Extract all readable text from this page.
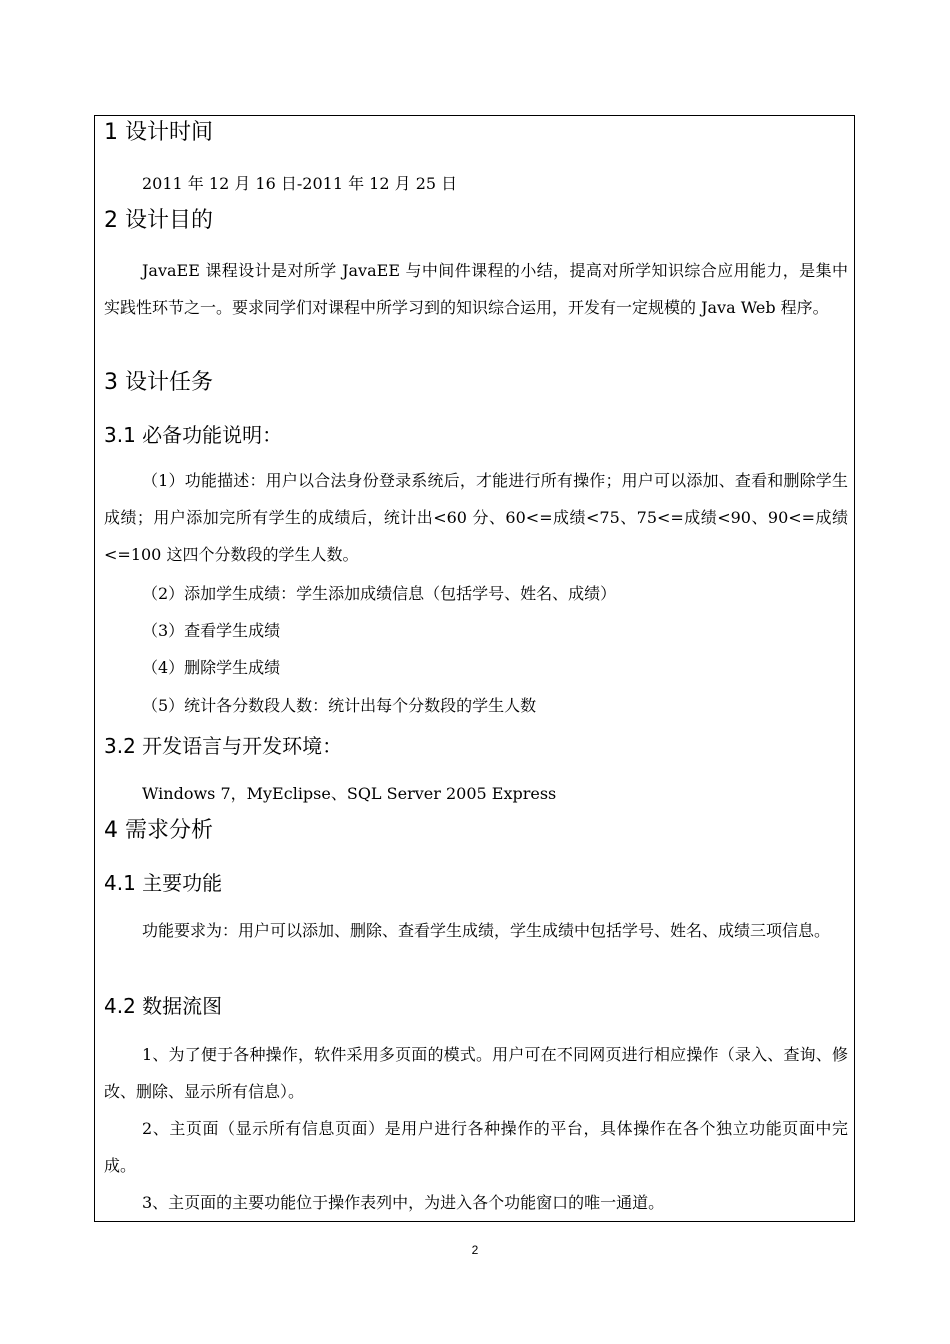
1 设计时间
2011 年 12 月 16 日-2011 年 12 月 25 日
2 设计目的
JavaEE 课程设计是对所学 JavaEE 与中间件课程的小结，提高对所学知识综合应用能力，是集中实践性环节之一。要求同学们对课程中所学习到的知识综合运用，开发有一定规模的 Java Web 程序。
3 设计任务
3.1 必备功能说明：
（1）功能描述：用户以合法身份登录系统后，才能进行所有操作；用户可以添加、查看和删除学生成绩；用户添加完所有学生的成绩后，统计出<60 分、60<=成绩<75、75<=成绩<90、90<=成绩<=100 这四个分数段的学生人数。
（2）添加学生成绩：学生添加成绩信息（包括学号、姓名、成绩）
（3）查看学生成绩
（4）删除学生成绩
（5）统计各分数段人数：统计出每个分数段的学生人数
3.2 开发语言与开发环境：
Windows 7，MyEclipse、SQL Server 2005 Express
4 需求分析
4.1 主要功能
功能要求为：用户可以添加、删除、查看学生成绩，学生成绩中包括学号、姓名、成绩三项信息。
4.2 数据流图
1、为了便于各种操作，软件采用多页面的模式。用户可在不同网页进行相应操作（录入、查询、修改、删除、显示所有信息）。
2、主页面（显示所有信息页面）是用户进行各种操作的平台，具体操作在各个独立功能页面中完成。
3、主页面的主要功能位于操作表列中，为进入各个功能窗口的唯一通道。
2
